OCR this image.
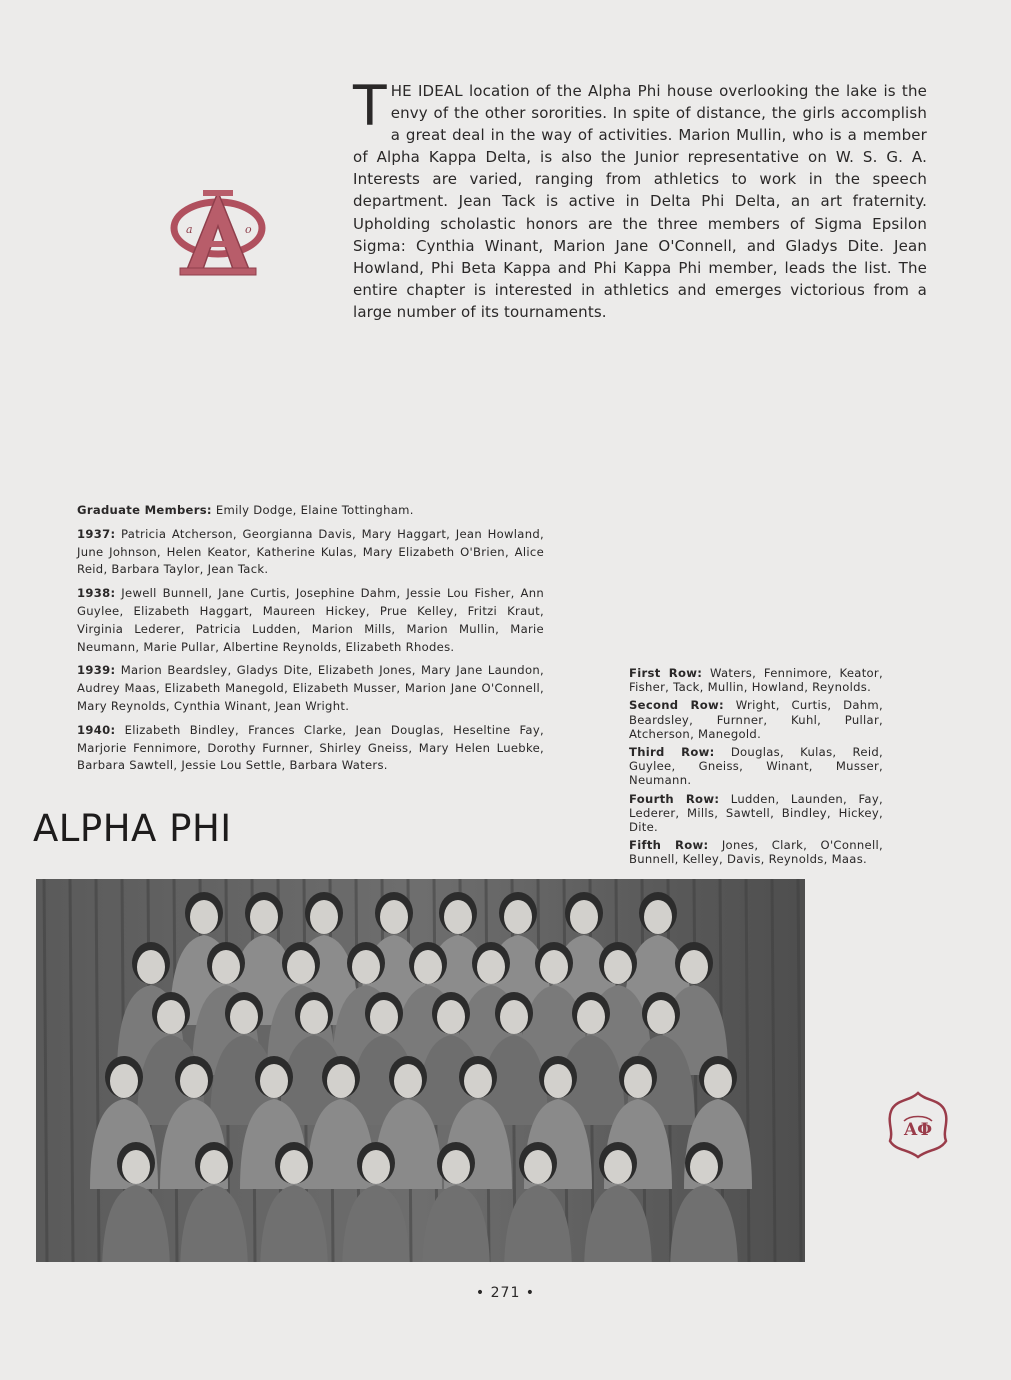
a	o
THE IDEAL location of the Alpha Phi house overlooking the lake is the envy of the other sororities. In spite of distance, the girls accomplish a great deal in the way of activities. Marion Mullin, who is a member of Alpha Kappa Delta, is also the Junior representative on W. S. G. A. Interests are varied, ranging from athletics to work in the speech department. Jean Tack is active in Delta Phi Delta, an art fraternity. Upholding scholastic honors are the three members of Sigma Epsilon Sigma: Cynthia Winant, Marion Jane O'Connell, and Gladys Dite. Jean Howland, Phi Beta Kappa and Phi Kappa Phi member, leads the list. The entire chapter is interested in athletics and emerges victorious from a large number of its tournaments.

Graduate Members: Emily Dodge, Elaine Tottingham.

1937: Patricia Atcherson, Georgianna Davis, Mary Haggart, Jean Howland, June Johnson, Helen Keator, Katherine Kulas, Mary Elizabeth O'Brien, Alice Reid, Barbara Taylor, Jean Tack.

1938: Jewell Bunnell, Jane Curtis, Josephine Dahm, Jessie Lou Fisher, Ann Guylee, Elizabeth Haggart, Maureen Hickey, Prue Kelley, Fritzi Kraut, Virginia Lederer, Patricia Ludden, Marion Mills, Marion Mullin, Marie Neumann, Marie Pullar, Albertine Reynolds, Elizabeth Rhodes.

1939: Marion Beardsley, Gladys Dite, Elizabeth Jones, Mary Jane Laundon, Audrey Maas, Elizabeth Manegold, Elizabeth Musser, Marion Jane O'Connell, Mary Reynolds, Cynthia Winant, Jean Wright.

1940: Elizabeth Bindley, Frances Clarke, Jean Douglas, Heseltine Fay, Marjorie Fennimore, Dorothy Furnner, Shirley Gneiss, Mary Helen Luebke, Barbara Sawtell, Jessie Lou Settle, Barbara Waters.

First Row: Waters, Fennimore, Keator, Fisher, Tack, Mullin, Howland, Reynolds.

Second Row: Wright, Curtis, Dahm, Beardsley, Furnner, Kuhl, Pullar, Atcherson, Manegold.

Third Row: Douglas, Kulas, Reid, Guylee, Gneiss, Winant, Musser, Neumann.

Fourth Row: Ludden, Launden, Fay, Lederer, Mills, Sawtell, Bindley, Hickey, Dite.

Fifth Row: Jones, Clark, O'Connell, Bunnell, Kelley, Davis, Reynolds, Maas.

ALPHA PHI
ΑΦ
• 271 •
